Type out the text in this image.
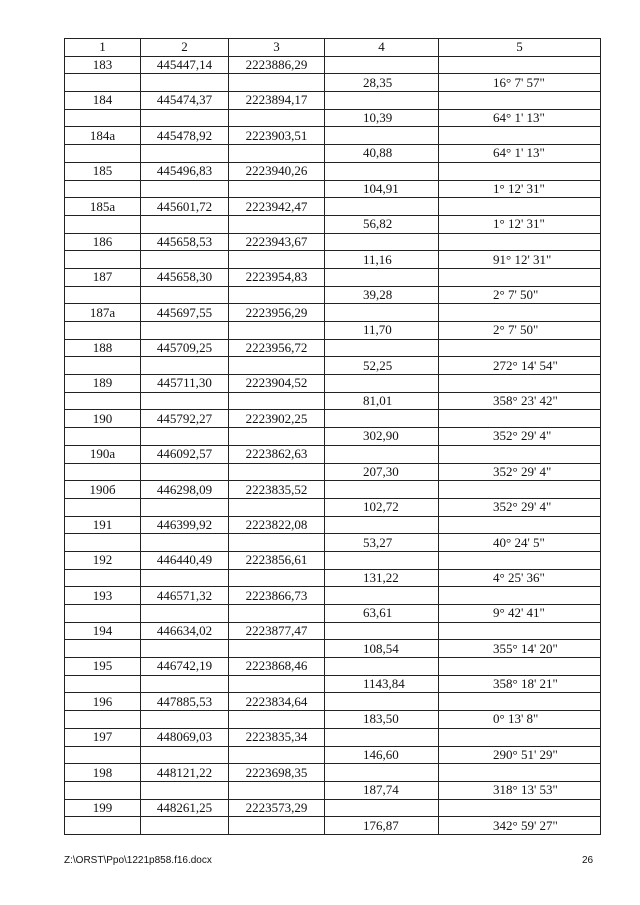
1	2	3	4	5
183	445447,14	2223886,29		
			28,35	16° 7' 57"
184	445474,37	2223894,17		
			10,39	64° 1' 13"
184а	445478,92	2223903,51		
			40,88	64° 1' 13"
185	445496,83	2223940,26		
			104,91	1° 12' 31"
185а	445601,72	2223942,47		
			56,82	1° 12' 31"
186	445658,53	2223943,67		
			11,16	91° 12' 31"
187	445658,30	2223954,83		
			39,28	2° 7' 50"
187а	445697,55	2223956,29		
			11,70	2° 7' 50"
188	445709,25	2223956,72		
			52,25	272° 14' 54"
189	445711,30	2223904,52		
			81,01	358° 23' 42"
190	445792,27	2223902,25		
			302,90	352° 29' 4"
190а	446092,57	2223862,63		
			207,30	352° 29' 4"
190б	446298,09	2223835,52		
			102,72	352° 29' 4"
191	446399,92	2223822,08		
			53,27	40° 24' 5"
192	446440,49	2223856,61		
			131,22	4° 25' 36"
193	446571,32	2223866,73		
			63,61	9° 42' 41"
194	446634,02	2223877,47		
			108,54	355° 14' 20"
195	446742,19	2223868,46		
			1143,84	358° 18' 21"
196	447885,53	2223834,64		
			183,50	0° 13' 8"
197	448069,03	2223835,34		
			146,60	290° 51' 29"
198	448121,22	2223698,35		
			187,74	318° 13' 53"
199	448261,25	2223573,29		
			176,87	342° 59' 27"
Z:\ORST\Ppo\1221p858.f16.docx	26
